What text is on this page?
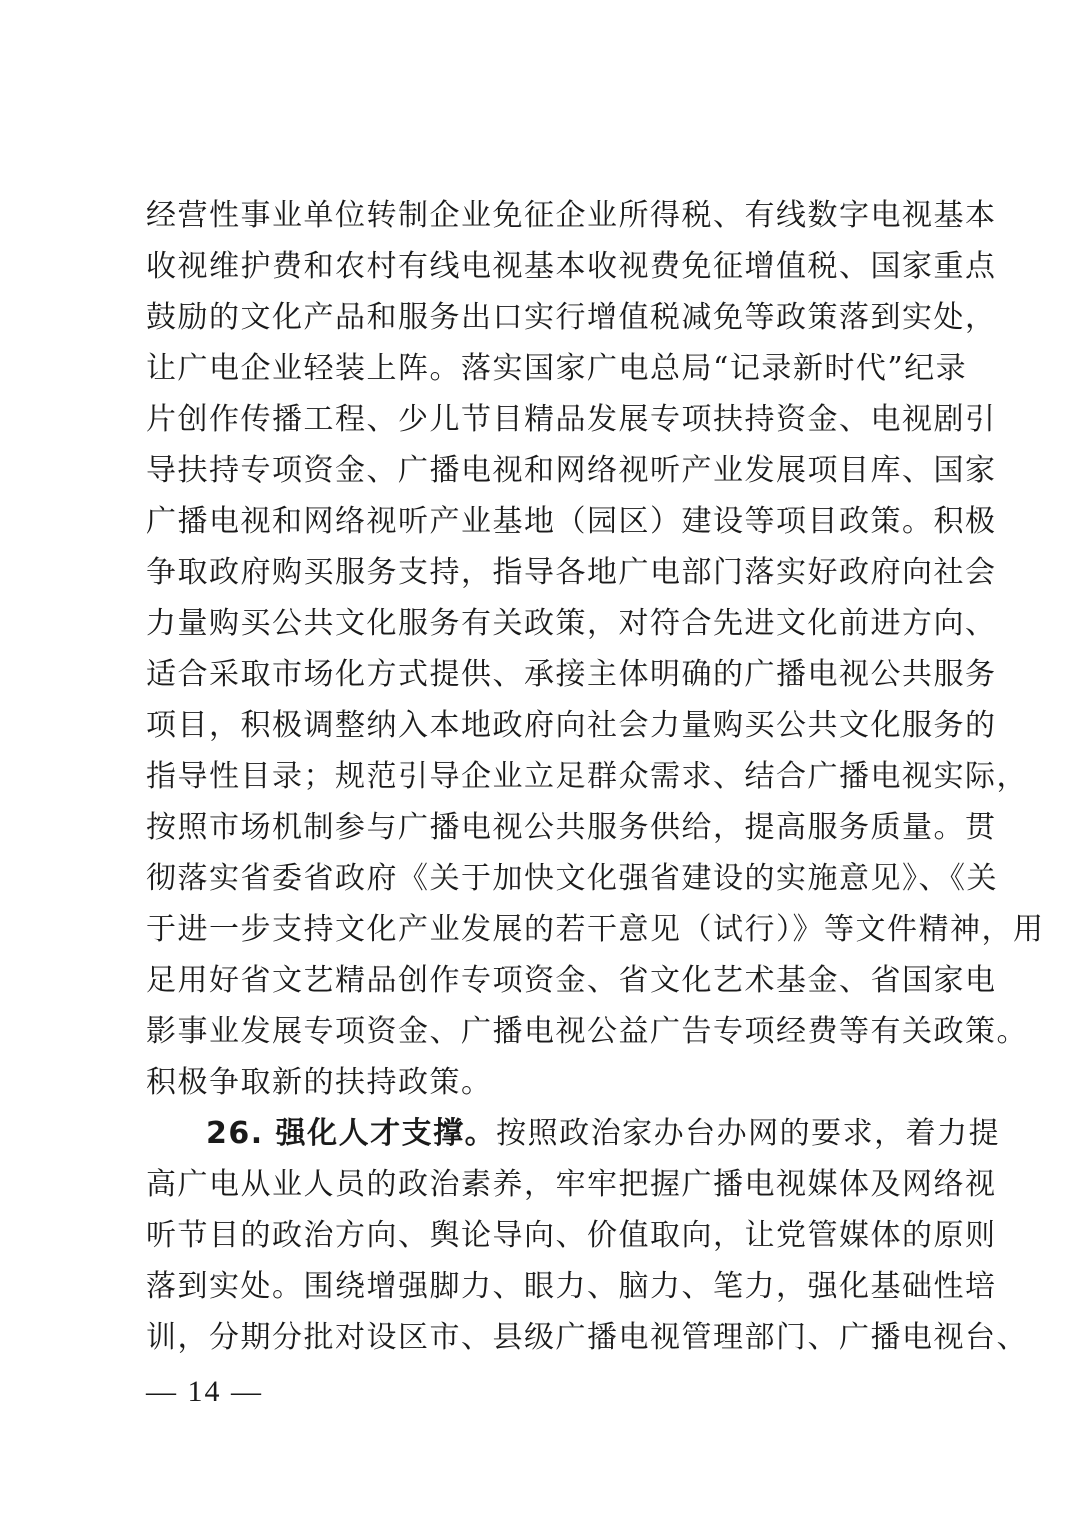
经营性事业单位转制企业免征企业所得税、有线数字电视基本
收视维护费和农村有线电视基本收视费免征增值税、国家重点
鼓励的文化产品和服务出口实行增值税减免等政策落到实处，
让广电企业轻装上阵。落实国家广电总局“记录新时代”纪录
片创作传播工程、少儿节目精品发展专项扶持资金、电视剧引
导扶持专项资金、广播电视和网络视听产业发展项目库、国家
广播电视和网络视听产业基地（园区）建设等项目政策。积极
争取政府购买服务支持，指导各地广电部门落实好政府向社会
力量购买公共文化服务有关政策，对符合先进文化前进方向、
适合采取市场化方式提供、承接主体明确的广播电视公共服务
项目，积极调整纳入本地政府向社会力量购买公共文化服务的
指导性目录；规范引导企业立足群众需求、结合广播电视实际，
按照市场机制参与广播电视公共服务供给，提高服务质量。贯
彻落实省委省政府《关于加快文化强省建设的实施意见》、《关
于进一步支持文化产业发展的若干意见（试行）》等文件精神，用
足用好省文艺精品创作专项资金、省文化艺术基金、省国家电
影事业发展专项资金、广播电视公益广告专项经费等有关政策。
积极争取新的扶持政策。
26. 强化人才支撑。按照政治家办台办网的要求，着力提
高广电从业人员的政治素养，牢牢把握广播电视媒体及网络视
听节目的政治方向、舆论导向、价值取向，让党管媒体的原则
落到实处。围绕增强脚力、眼力、脑力、笔力，强化基础性培
训，分期分批对设区市、县级广播电视管理部门、广播电视台、
— 14 —
